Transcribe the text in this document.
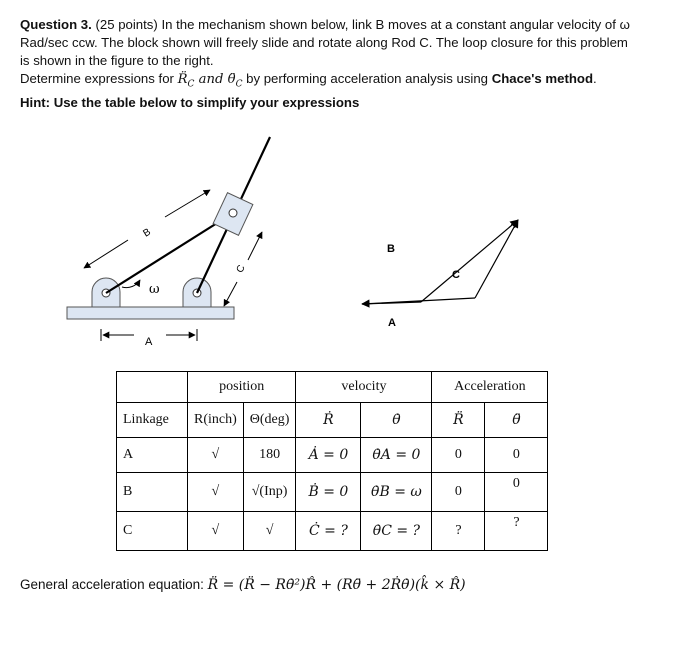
Question 3. (25 points) In the mechanism shown below, link B moves at a constant angular velocity of ω

Rad/sec ccw. The block shown will freely slide and rotate along Rod C. The loop closure for this problem

is shown in the figure to the right.

Determine expressions for $R̈_C$ and $\thetä_C$ by performing acceleration analysis using Chace's method.

Hint: Use the table below to simplify your expressions

B
ω
C
A
B
C
A
	position		velocity		Acceleration	
Linkage	R(inch)	Θ(deg)	Ṙ	θ̇	R̈	θ̈
A	√	180	Ȧ = 0	θ̇A = 0	0	0
B	√	√(Inp)	Ḃ = 0	θ̇B = ω	0	0
C	√	√	Ċ = ?	θ̇C = ?	?	?
General acceleration equation: R̈ = (R̈ − Rθ̇²)R̂ + (Rθ̈ + 2Ṙθ̇)(k̂ × R̂)
